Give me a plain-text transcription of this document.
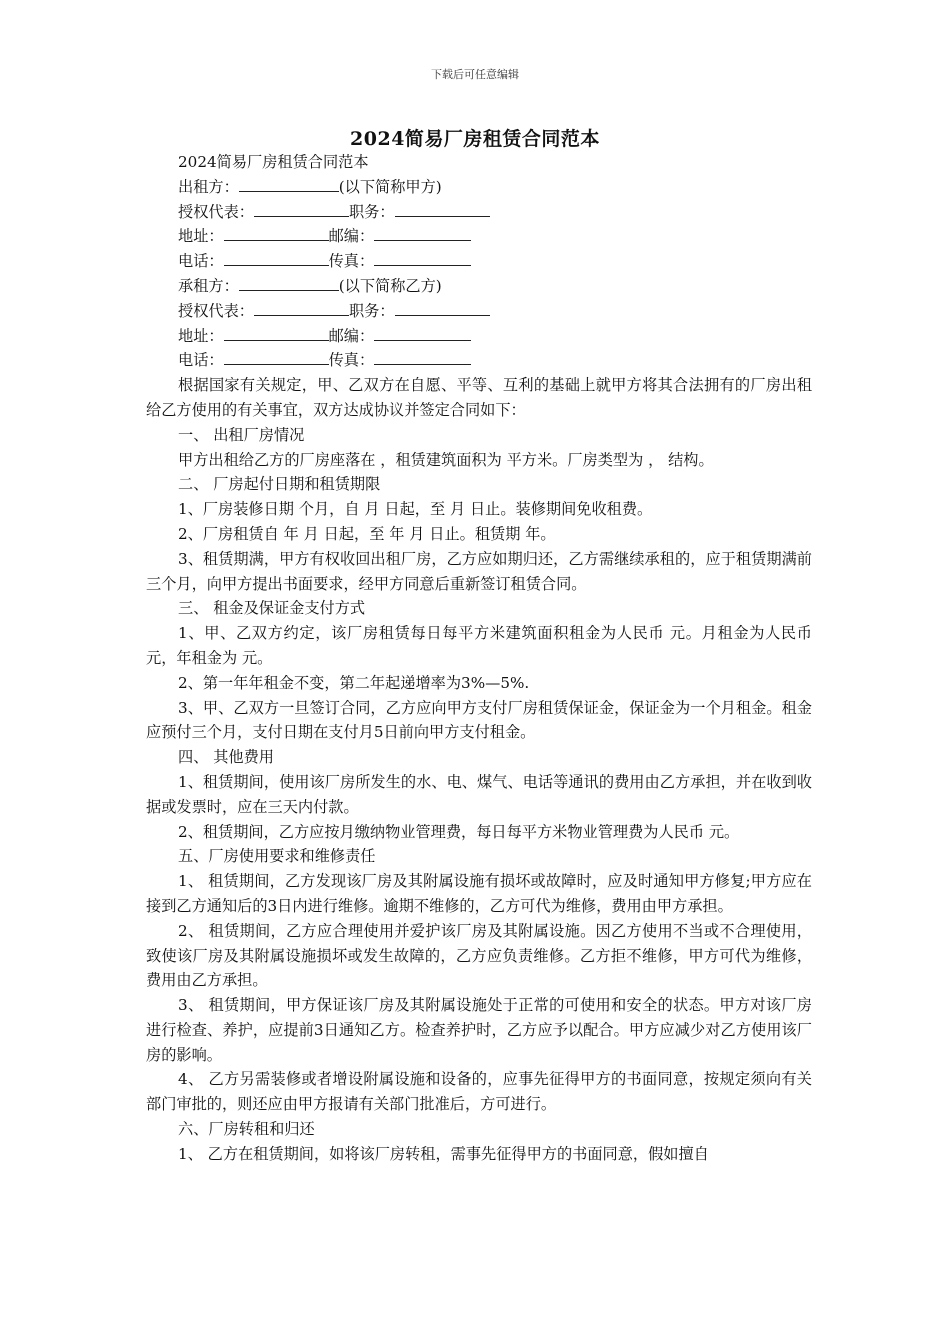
下载后可任意编辑
2024简易厂房租赁合同范本
2024简易厂房租赁合同范本
出租方：	(以下简称甲方)
授权代表：	职务：
地址：	邮编：
电话：	传真：
承租方：	(以下简称乙方)
授权代表：	职务：
地址：	邮编：
电话：	传真：
根据国家有关规定，甲、乙双方在自愿、平等、互利的基础上就甲方将其合法拥有的厂房出租给乙方使用的有关事宜，双方达成协议并签定合同如下：
一、 出租厂房情况
甲方出租给乙方的厂房座落在 ，租赁建筑面积为 平方米。厂房类型为 ， 结构。
二、 厂房起付日期和租赁期限
1、厂房装修日期 个月，自 月 日起，至 月 日止。装修期间免收租费。
2、厂房租赁自 年 月 日起，至 年 月 日止。租赁期 年。
3、租赁期满，甲方有权收回出租厂房，乙方应如期归还，乙方需继续承租的，应于租赁期满前三个月，向甲方提出书面要求，经甲方同意后重新签订租赁合同。
三、 租金及保证金支付方式
1、甲、乙双方约定，该厂房租赁每日每平方米建筑面积租金为人民币 元。月租金为人民币 元，年租金为 元。
2、第一年年租金不变，第二年起递增率为3%—5%.
3、甲、乙双方一旦签订合同，乙方应向甲方支付厂房租赁保证金，保证金为一个月租金。租金应预付三个月，支付日期在支付月5日前向甲方支付租金。
四、 其他费用
1、租赁期间，使用该厂房所发生的水、电、煤气、电话等通讯的费用由乙方承担，并在收到收据或发票时，应在三天内付款。
2、租赁期间，乙方应按月缴纳物业管理费，每日每平方米物业管理费为人民币 元。
五、厂房使用要求和维修责任
1、 租赁期间，乙方发现该厂房及其附属设施有损坏或故障时，应及时通知甲方修复;甲方应在接到乙方通知后的3日内进行维修。逾期不维修的，乙方可代为维修，费用由甲方承担。
2、 租赁期间，乙方应合理使用并爱护该厂房及其附属设施。因乙方使用不当或不合理使用，致使该厂房及其附属设施损坏或发生故障的，乙方应负责维修。乙方拒不维修，甲方可代为维修，费用由乙方承担。
3、 租赁期间，甲方保证该厂房及其附属设施处于正常的可使用和安全的状态。甲方对该厂房进行检查、养护，应提前3日通知乙方。检查养护时，乙方应予以配合。甲方应减少对乙方使用该厂房的影响。
4、 乙方另需装修或者增设附属设施和设备的，应事先征得甲方的书面同意，按规定须向有关部门审批的，则还应由甲方报请有关部门批准后，方可进行。
六、厂房转租和归还
1、 乙方在租赁期间，如将该厂房转租，需事先征得甲方的书面同意，假如擅自
